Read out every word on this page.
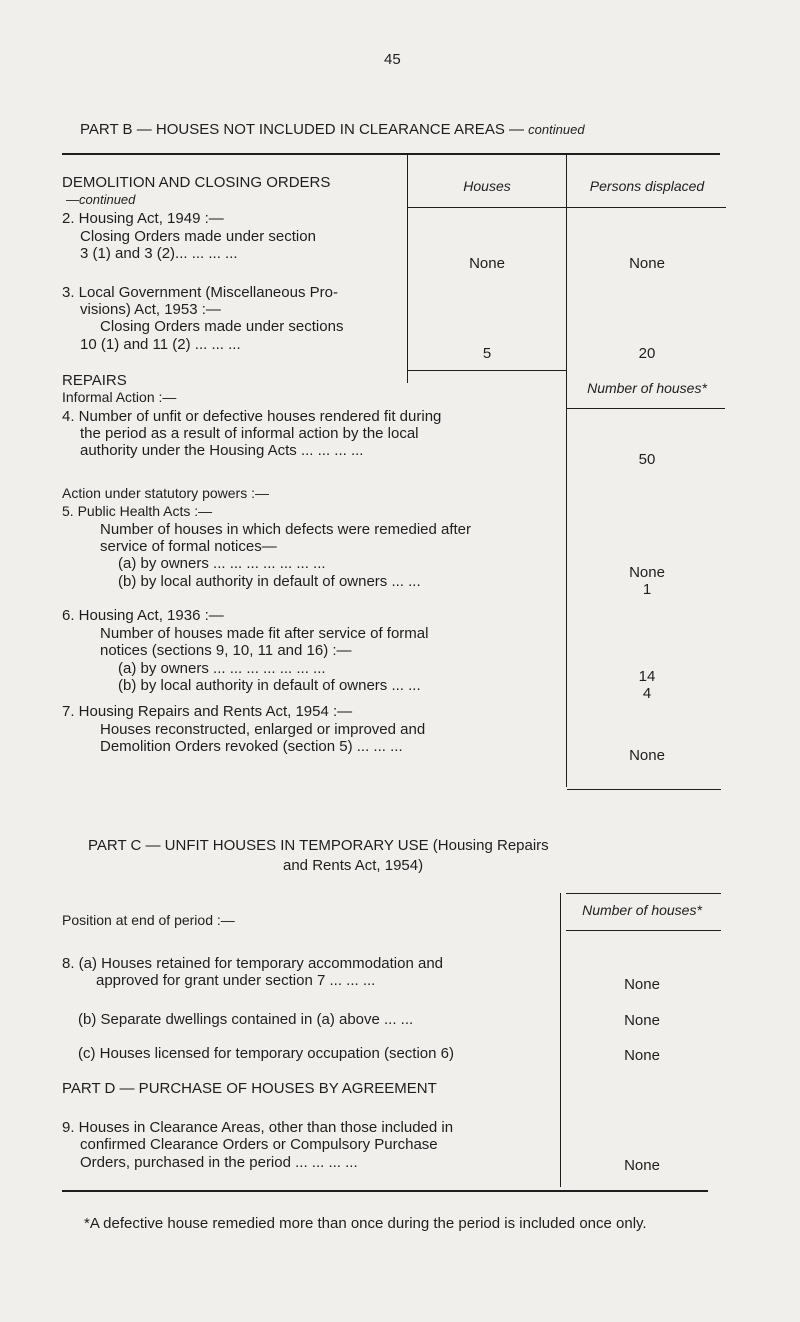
45
PART B — HOUSES NOT INCLUDED IN CLEARANCE AREAS — continued
Houses	Persons displaced
DEMOLITION AND CLOSING ORDERS
—continued
2. Housing Act, 1949 :—
Closing Orders made under section
3 (1) and 3 (2)... ... ... ...
None	None
3. Local Government (Miscellaneous Pro-
visions) Act, 1953 :—
Closing Orders made under sections
10 (1) and 11 (2) ... ... ...
5	20
REPAIRS
Informal Action :—
Number of houses*
4. Number of unfit or defective houses rendered fit during
the period as a result of informal action by the local
authority under the Housing Acts ... ... ... ...
50
Action under statutory powers :—
5. Public Health Acts :—
Number of houses in which defects were remedied after
service of formal notices—
(a) by owners ... ... ... ... ... ... ...
(b) by local authority in default of owners ... ...
None
1
6. Housing Act, 1936 :—
Number of houses made fit after service of formal
notices (sections 9, 10, 11 and 16) :—
(a) by owners ... ... ... ... ... ... ...
(b) by local authority in default of owners ... ...
14
4
7. Housing Repairs and Rents Act, 1954 :—
Houses reconstructed, enlarged or improved and
Demolition Orders revoked (section 5) ... ... ...
None
PART C — UNFIT HOUSES IN TEMPORARY USE (Housing Repairs
and Rents Act, 1954)
Number of houses*
Position at end of period :—
8. (a) Houses retained for temporary accommodation and
approved for grant under section 7 ... ... ...	None
(b) Separate dwellings contained in (a) above ... ...	None
(c) Houses licensed for temporary occupation (section 6)	None
PART D — PURCHASE OF HOUSES BY AGREEMENT
9. Houses in Clearance Areas, other than those included in
confirmed Clearance Orders or Compulsory Purchase
Orders, purchased in the period ... ... ... ...	None
*A defective house remedied more than once during the period is included once only.
